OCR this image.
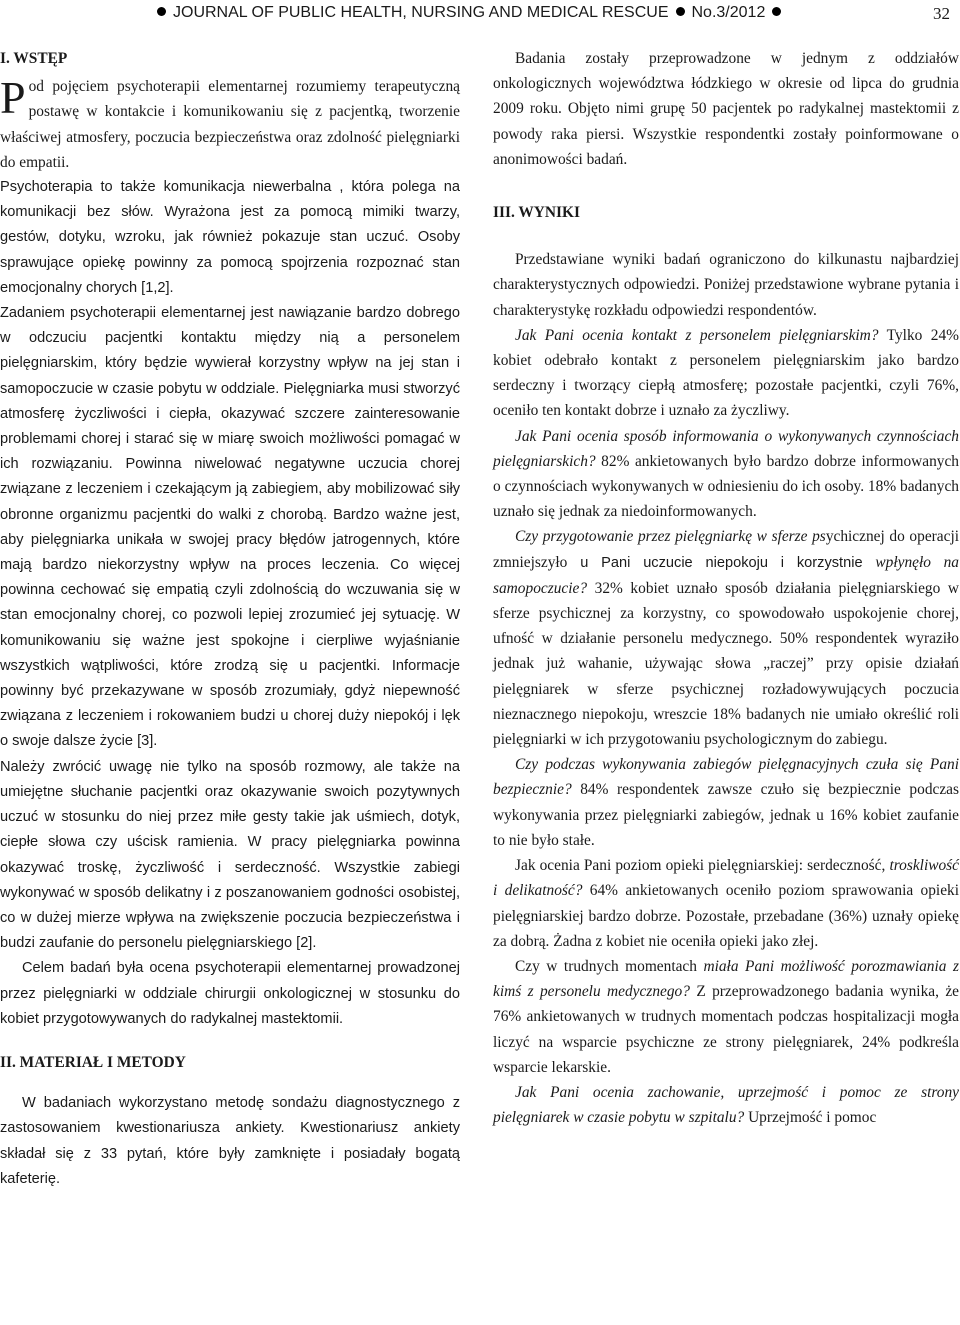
JOURNAL OF PUBLIC HEALTH, NURSING AND MEDICAL RESCUE No.3/2012	32

I. WSTĘP

Pod pojęciem psychoterapii elementarnej rozumiemy terapeutyczną postawę w kontakcie i komunikowaniu się z pacjentką, tworzenie właściwej atmosfery, poczucia bezpieczeństwa oraz zdolność pielęgniarki do empatii.

Psychoterapia to także komunikacja niewerbalna , która polega na komunikacji bez słów. Wyrażona jest za pomocą mimiki twarzy, gestów, dotyku, wzroku, jak również pokazuje stan uczuć. Osoby sprawujące opiekę powinny za pomocą spojrzenia rozpoznać stan emocjonalny chorych [1,2].

Zadaniem psychoterapii elementarnej jest nawiązanie bardzo dobrego w odczuciu pacjentki kontaktu między nią a personelem pielęgniarskim, który będzie wywierał korzystny wpływ na jej stan i samopoczucie w czasie pobytu w oddziale. Pielęgniarka musi stworzyć atmosferę życzliwości i ciepła, okazywać szczere zainteresowanie problemami chorej i starać się w miarę swoich możliwości pomagać w ich rozwiązaniu. Powinna niwelować negatywne uczucia chorej związane z leczeniem i czekającym ją zabiegiem, aby mobilizować siły obronne organizmu pacjentki do walki z chorobą. Bardzo ważne jest, aby pielęgniarka unikała w swojej pracy błędów jatrogennych, które mają bardzo niekorzystny wpływ na proces leczenia. Co więcej powinna cechować się empatią czyli zdolnością do wczuwania się w stan emocjonalny chorej, co pozwoli lepiej zrozumieć jej sytuację. W komunikowaniu się ważne jest spokojne i cierpliwe wyjaśnianie wszystkich wątpliwości, które zrodzą się u pacjentki. Informacje powinny być przekazywane w sposób zrozumiały, gdyż niepewność związana z leczeniem i rokowaniem budzi u chorej duży niepokój i lęk o swoje dalsze życie [3].

Należy zwrócić uwagę nie tylko na sposób rozmowy, ale także na umiejętne słuchanie pacjentki oraz okazywanie swoich pozytywnych uczuć w stosunku do niej przez miłe gesty takie jak uśmiech, dotyk, ciepłe słowa czy uścisk ramienia. W pracy pielęgniarka powinna okazywać troskę, życzliwość i serdeczność. Wszystkie zabiegi wykonywać w sposób delikatny i z poszanowaniem godności osobistej, co w dużej mierze wpływa na zwiększenie poczucia bezpieczeństwa i budzi zaufanie do personelu pielęgniarskiego [2].

Celem badań była ocena psychoterapii elementarnej prowadzonej przez pielęgniarki w oddziale chirurgii onkologicznej w stosunku do kobiet przygotowywanych do radykalnej mastektomii.

II. MATERIAŁ I METODY

W badaniach wykorzystano metodę sondażu diagnostycznego z zastosowaniem kwestionariusza ankiety. Kwestionariusz ankiety składał się z 33 pytań, które były zamknięte i posiadały bogatą kafeterię.

Badania zostały przeprowadzone w jednym z oddziałów onkologicznych województwa łódzkiego w okresie od lipca do grudnia 2009 roku. Objęto nimi grupę 50 pacjentek po radykalnej mastektomii z powody raka piersi. Wszystkie respondentki zostały poinformowane o anonimowości badań.

III. WYNIKI

Przedstawiane wyniki badań ograniczono do kilkunastu najbardziej charakterystycznych odpowiedzi. Poniżej przedstawione wybrane pytania i charakterystykę rozkładu odpowiedzi respondentów.

Jak Pani ocenia kontakt z personelem pielęgniarskim? Tylko 24% kobiet odebrało kontakt z personelem pielęgniarskim jako bardzo serdeczny i tworzący ciepłą atmosferę; pozostałe pacjentki, czyli 76%, oceniło ten kontakt dobrze i uznało za życzliwy.

Jak Pani ocenia sposób informowania o wykonywanych czynnościach pielęgniarskich? 82% ankietowanych było bardzo dobrze informowanych o czynnościach wykonywanych w odniesieniu do ich osoby. 18% badanych uznało się jednak za niedoinformowanych.

Czy przygotowanie przez pielęgniarkę w sferze psychicznej do operacji zmniejszyło u Pani uczucie niepokoju i korzystnie wpłynęło na samopoczucie? 32% kobiet uznało sposób działania pielęgniarskiego w sferze psychicznej za korzystny, co spowodowało uspokojenie chorej, ufność w działanie personelu medycznego. 50% respondentek wyraziło jednak już wahanie, używając słowa „raczej” przy opisie działań pielęgniarek w sferze psychicznej rozładowywujących poczucia nieznacznego niepokoju, wreszcie 18% badanych nie umiało określić roli pielęgniarki w ich przygotowaniu psychologicznym do zabiegu.

Czy podczas wykonywania zabiegów pielęgnacyjnych czuła się Pani bezpiecznie? 84% respondentek zawsze czuło się bezpiecznie podczas wykonywania przez pielęgniarki zabiegów, jednak u 16% kobiet zaufanie to nie było stałe.

Jak ocenia Pani poziom opieki pielęgniarskiej: serdeczność, troskliwość i delikatność? 64% ankietowanych oceniło poziom sprawowania opieki pielęgniarskiej bardzo dobrze. Pozostałe, przebadane (36%) uznały opiekę za dobrą. Żadna z kobiet nie oceniła opieki jako złej.

Czy w trudnych momentach miała Pani możliwość porozmawiania z kimś z personelu medycznego? Z przeprowadzonego badania wynika, że 76% ankietowanych w trudnych momentach podczas hospitalizacji mogła liczyć na wsparcie psychiczne ze strony pielęgniarek, 24% podkreśla wsparcie lekarskie.

Jak Pani ocenia zachowanie, uprzejmość i pomoc ze strony pielęgniarek w czasie pobytu w szpitalu? Uprzejmość i pomoc
